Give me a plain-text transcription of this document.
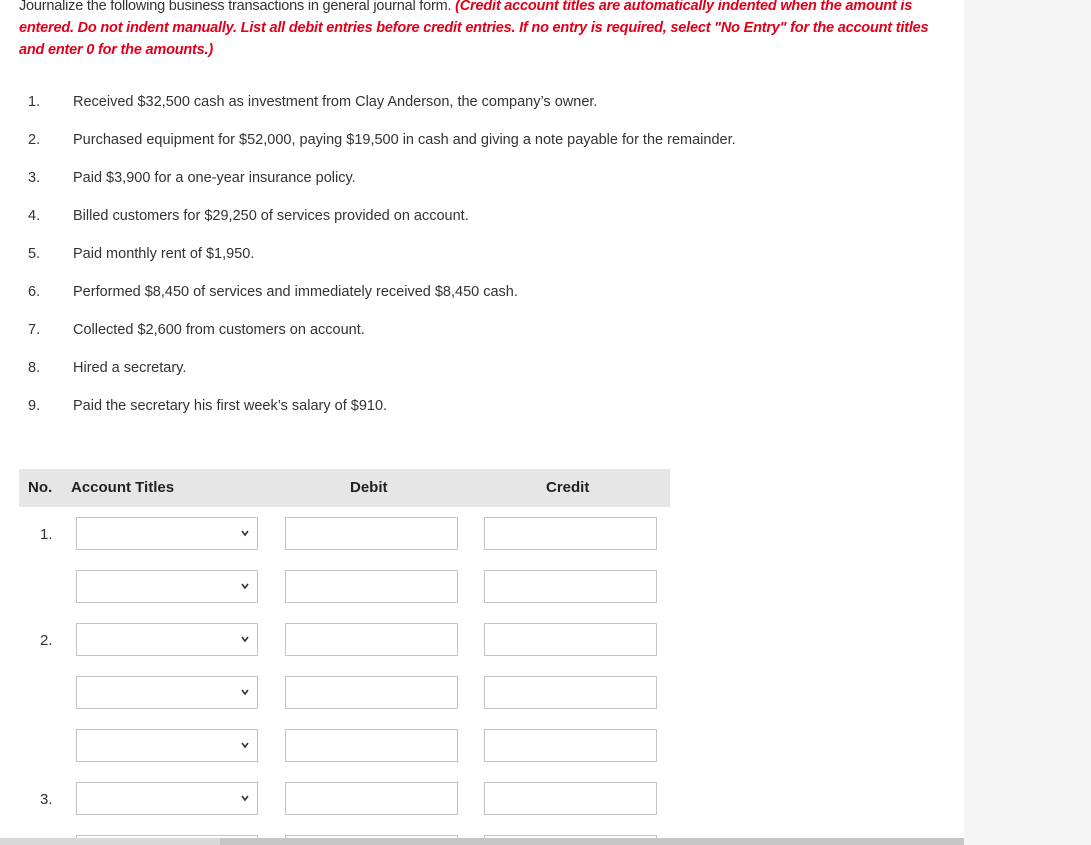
Journalize the following business transactions in general journal form. (Credit account titles are automatically indented when the amount is entered. Do not indent manually. List all debit entries before credit entries. If no entry is required, select "No Entry" for the account titles and enter 0 for the amounts.)
1.	Received $32,500 cash as investment from Clay Anderson, the company’s owner.
2.	Purchased equipment for $52,000, paying $19,500 in cash and giving a note payable for the remainder.
3.	Paid $3,900 for a one-year insurance policy.
4.	Billed customers for $29,250 of services provided on account.
5.	Paid monthly rent of $1,950.
6.	Performed $8,450 of services and immediately received $8,450 cash.
7.	Collected $2,600 from customers on account.
8.	Hired a secretary.
9.	Paid the secretary his first week’s salary of $910.
No. Account Titles	Debit	Credit
1.
2.
3.
